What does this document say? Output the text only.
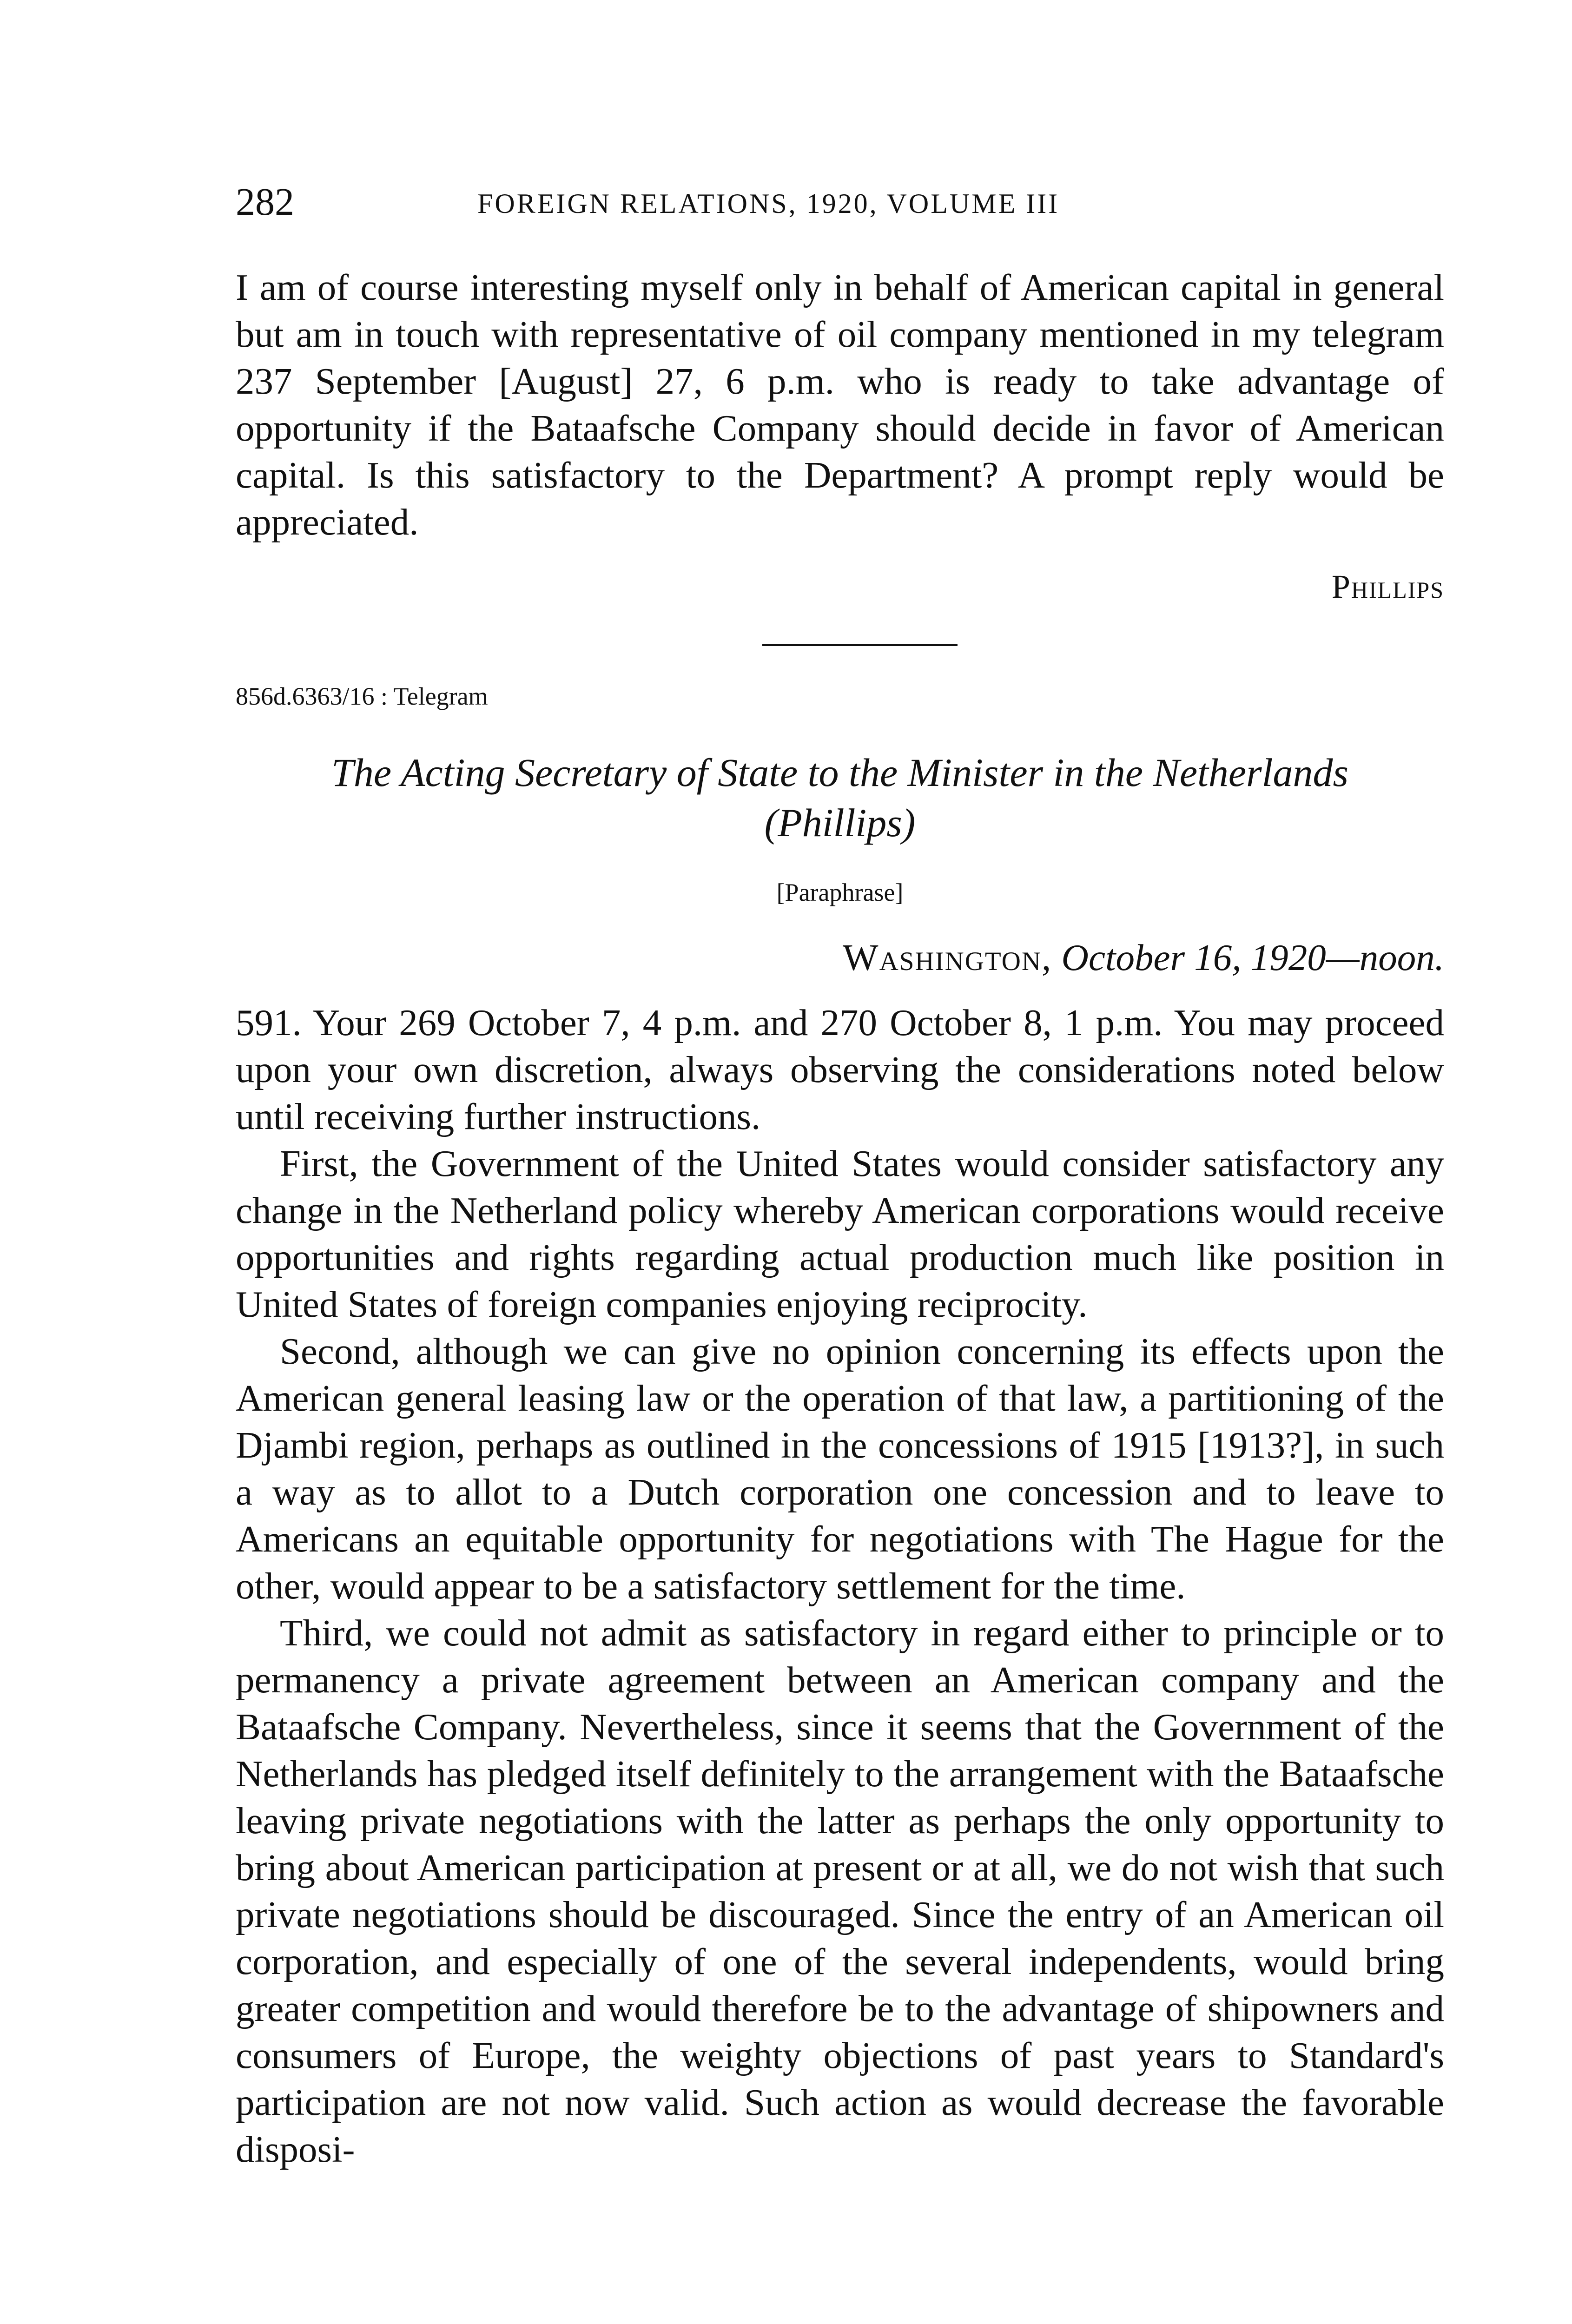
282	FOREIGN RELATIONS, 1920, VOLUME III

I am of course interesting myself only in behalf of American capital in general but am in touch with representative of oil company mentioned in my telegram 237 September [August] 27, 6 p.m. who is ready to take advantage of opportunity if the Bataafsche Company should decide in favor of American capital. Is this satisfactory to the Department? A prompt reply would be appreciated.

Phillips
856d.6363/16 : Telegram
The Acting Secretary of State to the Minister in the Netherlands
(Phillips)
[Paraphrase]
Washington, October 16, 1920—noon.

591. Your 269 October 7, 4 p.m. and 270 October 8, 1 p.m. You may proceed upon your own discretion, always observing the considerations noted below until receiving further instructions.

First, the Government of the United States would consider satisfactory any change in the Netherland policy whereby American corporations would receive opportunities and rights regarding actual production much like position in United States of foreign companies enjoying reciprocity.

Second, although we can give no opinion concerning its effects upon the American general leasing law or the operation of that law, a partitioning of the Djambi region, perhaps as outlined in the concessions of 1915 [1913?], in such a way as to allot to a Dutch corporation one concession and to leave to Americans an equitable opportunity for negotiations with The Hague for the other, would appear to be a satisfactory settlement for the time.

Third, we could not admit as satisfactory in regard either to principle or to permanency a private agreement between an American company and the Bataafsche Company. Nevertheless, since it seems that the Government of the Netherlands has pledged itself definitely to the arrangement with the Bataafsche leaving private negotiations with the latter as perhaps the only opportunity to bring about American participation at present or at all, we do not wish that such private negotiations should be discouraged. Since the entry of an American oil corporation, and especially of one of the several independents, would bring greater competition and would therefore be to the advantage of shipowners and consumers of Europe, the weighty objections of past years to Standard's participation are not now valid. Such action as would decrease the favorable disposi-
